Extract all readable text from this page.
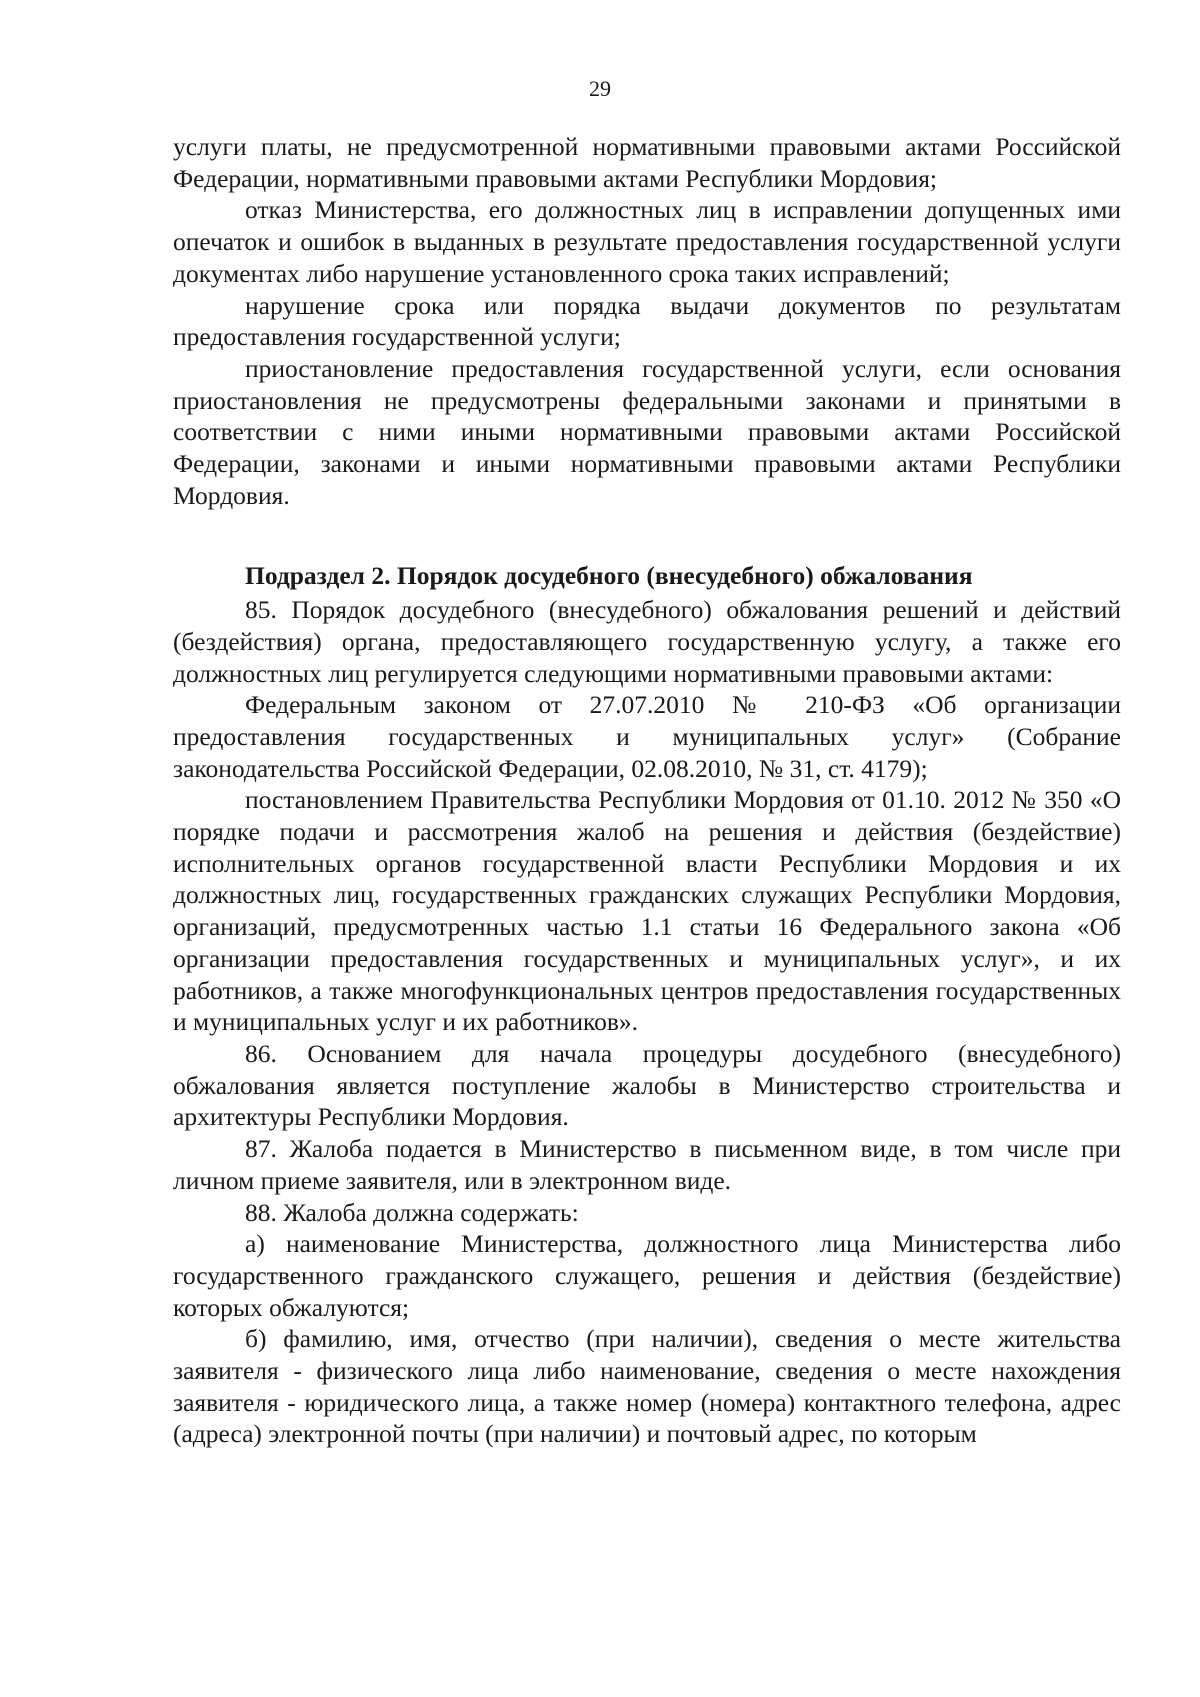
29

услуги платы, не предусмотренной нормативными правовыми актами Российской Федерации, нормативными правовыми актами Республики Мордовия;

отказ Министерства, его должностных лиц в исправлении допущенных ими опечаток и ошибок в выданных в результате предоставления государственной услуги документах либо нарушение установленного срока таких исправлений;

нарушение срока или порядка выдачи документов по результатам предоставления государственной услуги;

приостановление предоставления государственной услуги, если основания приостановления не предусмотрены федеральными законами и принятыми в соответствии с ними иными нормативными правовыми актами Российской Федерации, законами и иными нормативными правовыми актами Республики Мордовия.

Подраздел 2. Порядок досудебного (внесудебного) обжалования

85. Порядок досудебного (внесудебного) обжалования решений и действий (бездействия) органа, предоставляющего государственную услугу, а также его должностных лиц регулируется следующими нормативными правовыми актами:

Федеральным законом от 27.07.2010 № 210-ФЗ «Об организации предоставления государственных и муниципальных услуг» (Собрание законодательства Российской Федерации, 02.08.2010, № 31, ст. 4179);

постановлением Правительства Республики Мордовия от 01.10. 2012 № 350 «О порядке подачи и рассмотрения жалоб на решения и действия (бездействие) исполнительных органов государственной власти Республики Мордовия и их должностных лиц, государственных гражданских служащих Республики Мордовия, организаций, предусмотренных частью 1.1 статьи 16 Федерального закона «Об организации предоставления государственных и муниципальных услуг», и их работников, а также многофункциональных центров предоставления государственных и муниципальных услуг и их работников».

86. Основанием для начала процедуры досудебного (внесудебного) обжалования является поступление жалобы в Министерство строительства и архитектуры Республики Мордовия.

87. Жалоба подается в Министерство в письменном виде, в том числе при личном приеме заявителя, или в электронном виде.

88. Жалоба должна содержать:

а) наименование Министерства, должностного лица Министерства либо государственного гражданского служащего, решения и действия (бездействие) которых обжалуются;

б) фамилию, имя, отчество (при наличии), сведения о месте жительства заявителя - физического лица либо наименование, сведения о месте нахождения заявителя - юридического лица, а также номер (номера) контактного телефона, адрес (адреса) электронной почты (при наличии) и почтовый адрес, по которым
